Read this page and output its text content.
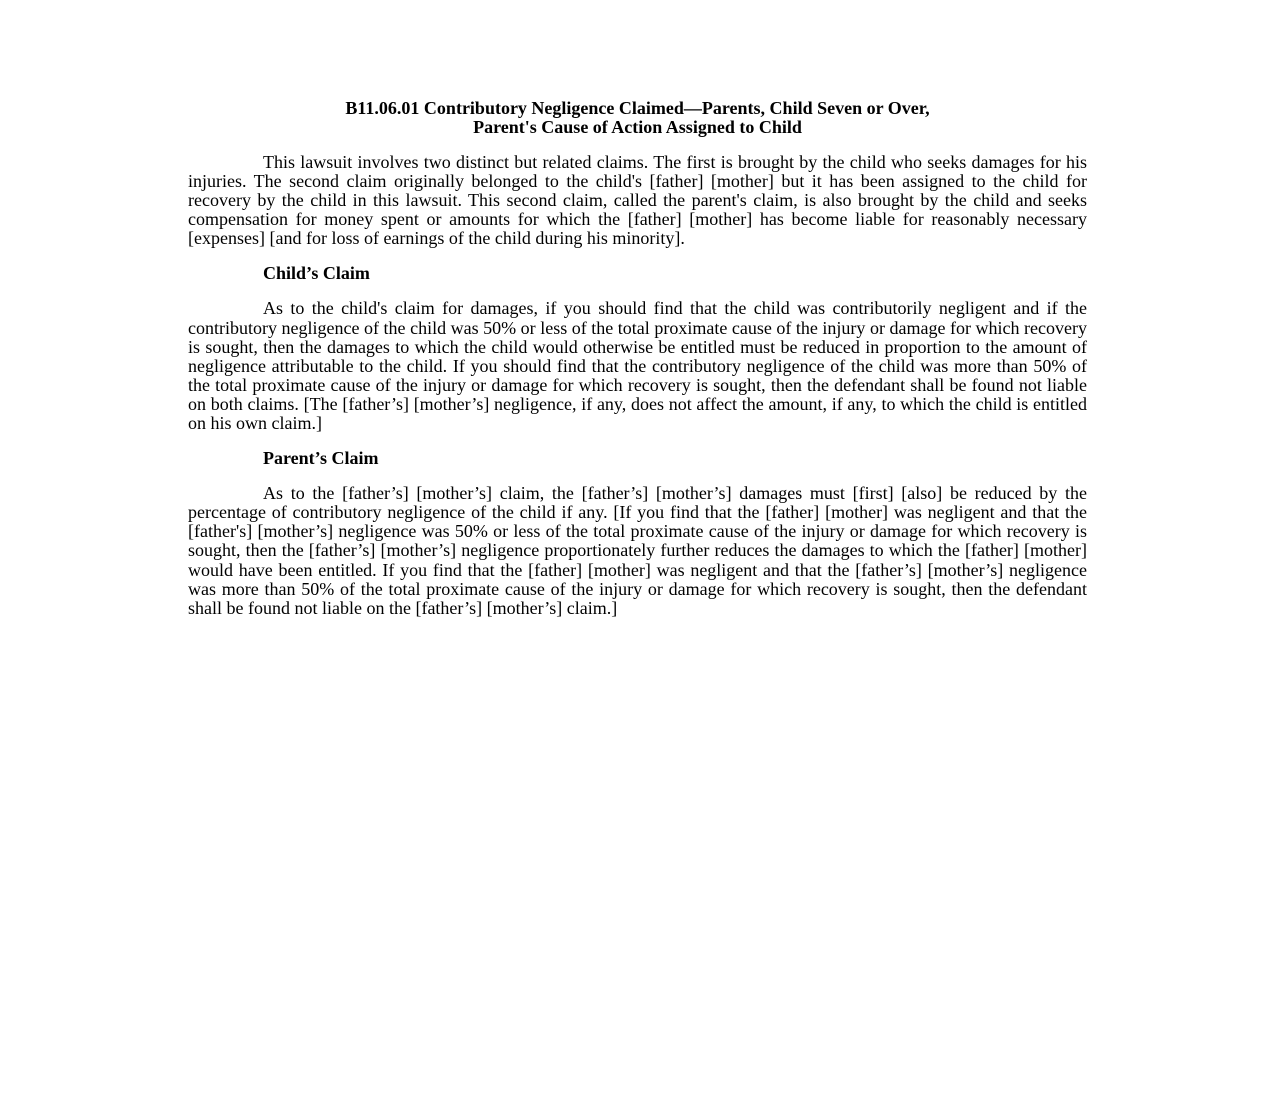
B11.06.01 Contributory Negligence Claimed—Parents, Child Seven or Over,
Parent's Cause of Action Assigned to Child

This lawsuit involves two distinct but related claims. The first is brought by the child who seeks damages for his injuries. The second claim originally belonged to the child's [father] [mother] but it has been assigned to the child for recovery by the child in this lawsuit. This second claim, called the parent's claim, is also brought by the child and seeks compensation for money spent or amounts for which the [father] [mother] has become liable for reasonably necessary [expenses] [and for loss of earnings of the child during his minority].

Child’s Claim

As to the child's claim for damages, if you should find that the child was contributorily negligent and if the contributory negligence of the child was 50% or less of the total proximate cause of the injury or damage for which recovery is sought, then the damages to which the child would otherwise be entitled must be reduced in proportion to the amount of negligence attributable to the child. If you should find that the contributory negligence of the child was more than 50% of the total proximate cause of the injury or damage for which recovery is sought, then the defendant shall be found not liable on both claims. [The [father’s] [mother’s] negligence, if any, does not affect the amount, if any, to which the child is entitled on his own claim.]

Parent’s Claim

As to the [father’s] [mother’s] claim, the [father’s] [mother’s] damages must [first] [also] be reduced by the percentage of contributory negligence of the child if any. [If you find that the [father] [mother] was negligent and that the [father's] [mother’s] negligence was 50% or less of the total proximate cause of the injury or damage for which recovery is sought, then the [father’s] [mother’s] negligence proportionately further reduces the damages to which the [father] [mother] would have been entitled. If you find that the [father] [mother] was negligent and that the [father’s] [mother’s] negligence was more than 50% of the total proximate cause of the injury or damage for which recovery is sought, then the defendant shall be found not liable on the [father’s] [mother’s] claim.]
